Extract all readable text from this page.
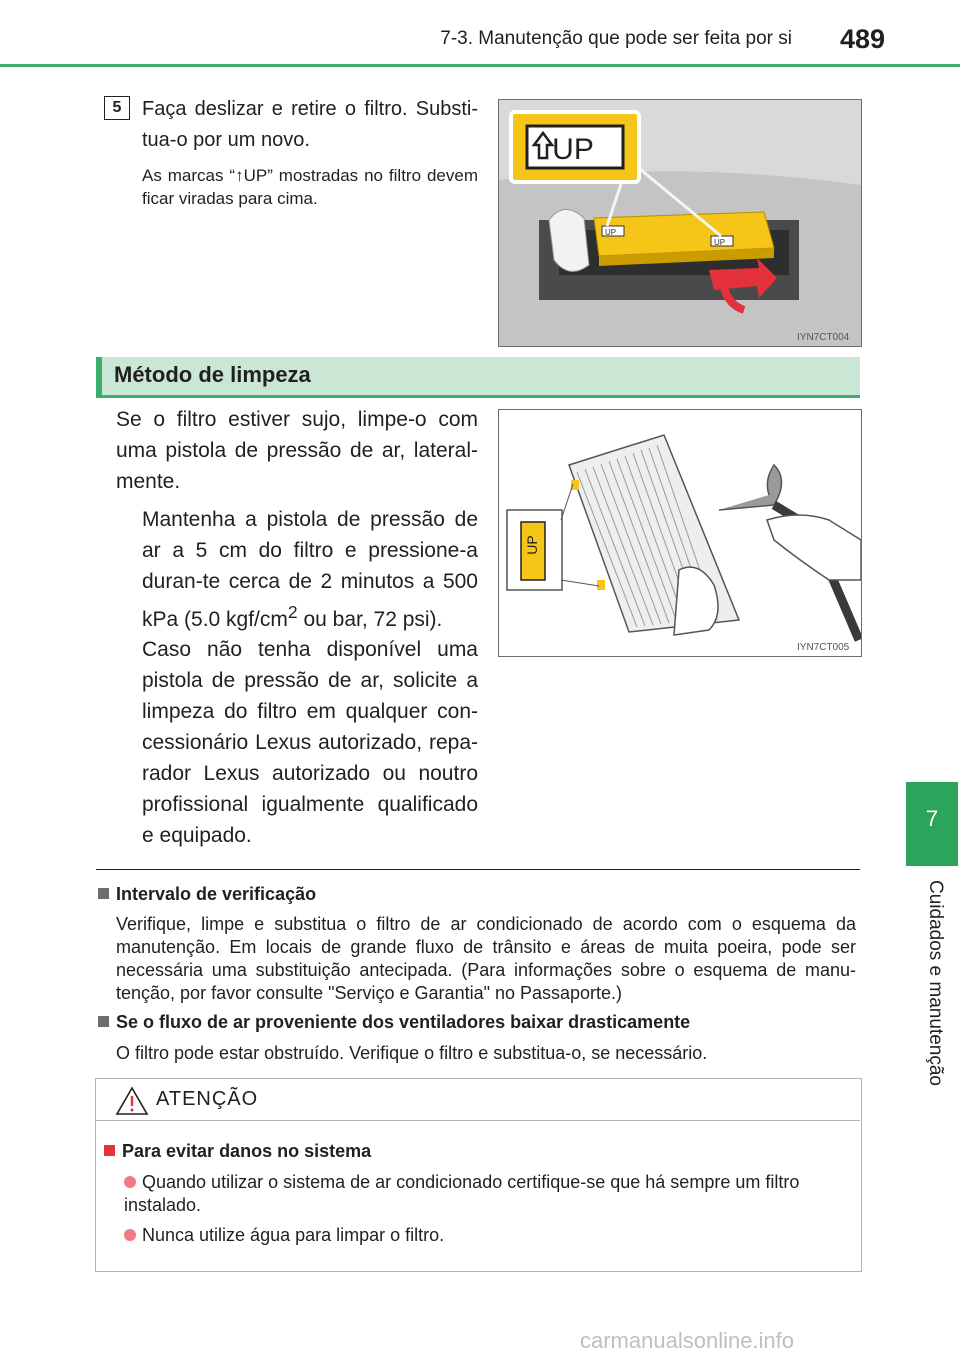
7-3. Manutenção que pode ser feita por si 489
7
Cuidados e manutenção
5	Faça deslizar e retire o filtro. Substi-tua-o por um novo.

As marcas “↑UP” mostradas no filtro devem ficar viradas para cima.

UP
UP
UP
IYN7CT004
Método de limpeza

Se o filtro estiver sujo, limpe-o com uma pistola de pressão de ar, lateral-mente.

Mantenha a pistola de pressão de ar a 5 cm do filtro e pressione-a duran-te cerca de 2 minutos a 500 kPa (5.0 kgf/$cm^2$ ou bar, 72 psi).

Caso não tenha disponível uma pistola de pressão de ar, solicite a limpeza do filtro em qualquer con-cessionário Lexus autorizado, repa-rador Lexus autorizado ou noutro profissional igualmente qualificado e equipado.

UP
IYN7CT005
Intervalo de verificação

Verifique, limpe e substitua o filtro de ar condicionado de acordo com o esquema da manutenção. Em locais de grande fluxo de trânsito e áreas de muita poeira, pode ser necessária uma substituição antecipada. (Para informações sobre o esquema de manu-tenção, por favor consulte "Serviço e Garantia" no Passaporte.)

Se o fluxo de ar proveniente dos ventiladores baixar drasticamente

O filtro pode estar obstruído. Verifique o filtro e substitua-o, se necessário.

ATENÇÃO
Para evitar danos no sistema

Quando utilizar o sistema de ar condicionado certifique-se que há sempre um filtro instalado.

Nunca utilize água para limpar o filtro.

carmanualsonline.info
